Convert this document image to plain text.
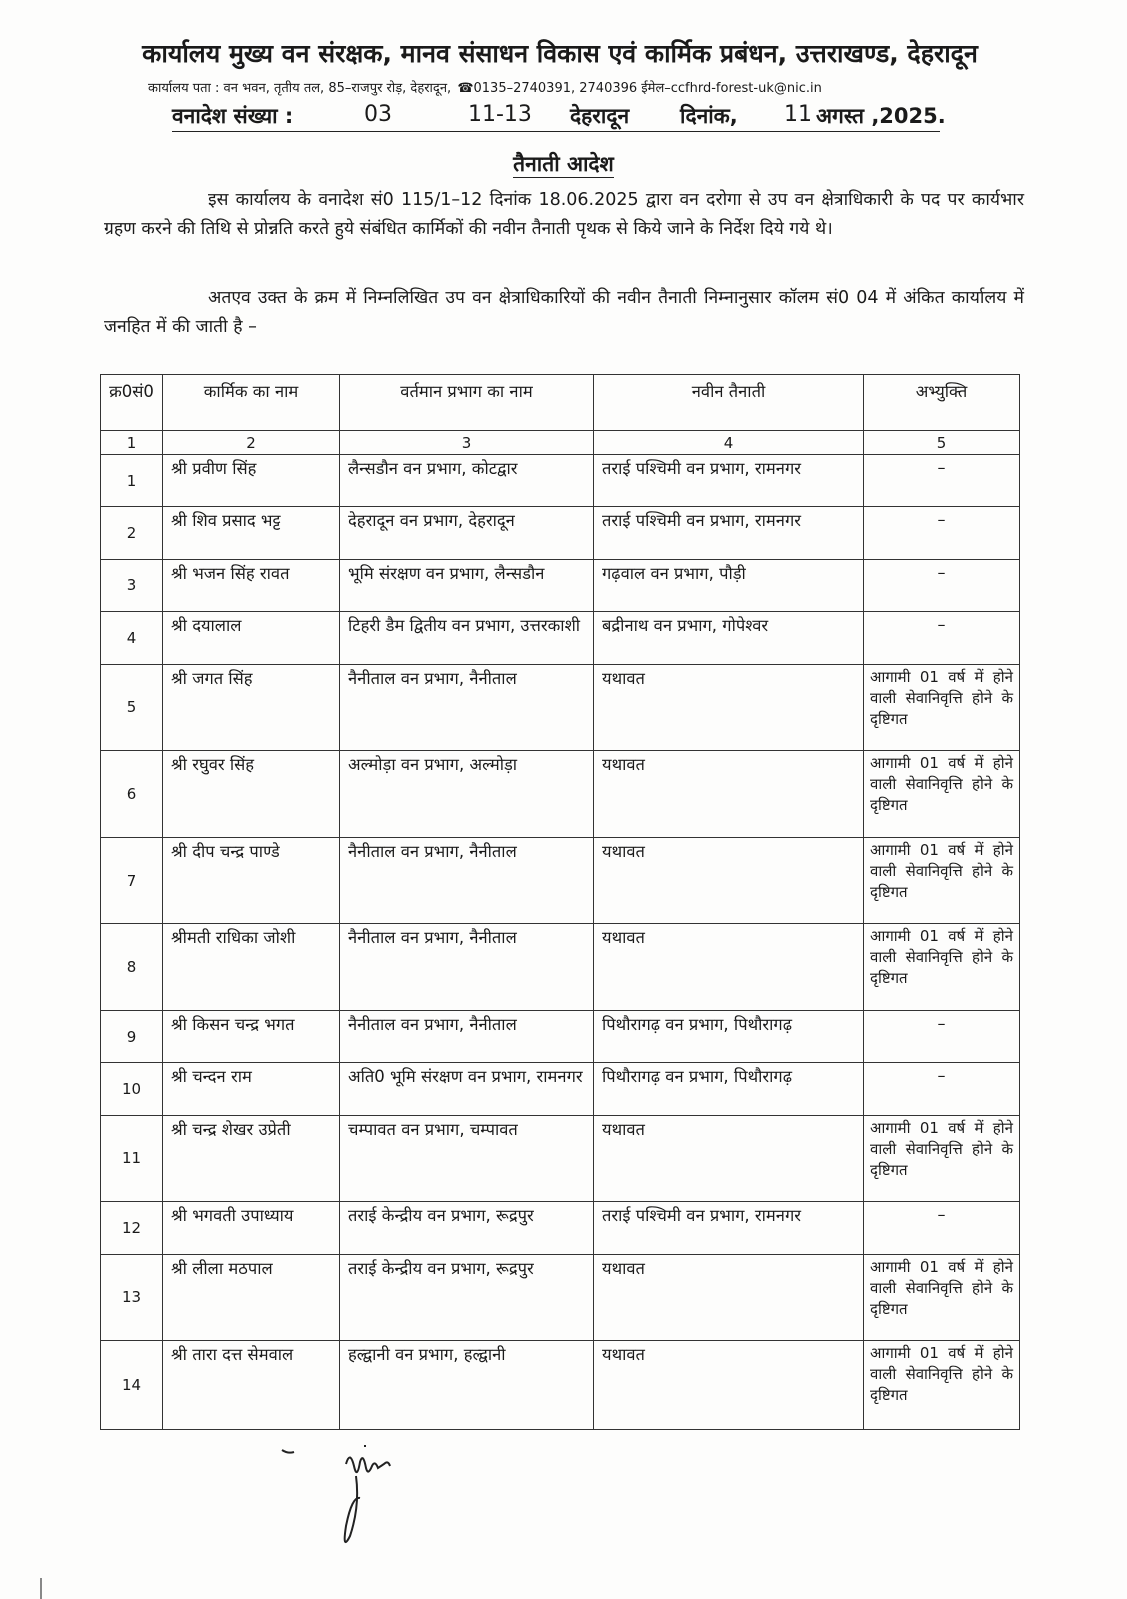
कार्यालय मुख्य वन संरक्षक, मानव संसाधन विकास एवं कार्मिक प्रबंधन, उत्तराखण्ड, देहरादून
कार्यालय पता : वन भवन, तृतीय तल, 85–राजपुर रोड़, देहरादून, ☎0135–2740391, 2740396 ईमेल–ccfhrd-forest-uk@nic.in
वनादेश संख्या :	03	11-13 देहरादून दिनांक, 11 अगस्त ,2025.
तैनाती आदेश

इस कार्यालय के वनादेश सं0 115/1–12 दिनांक 18.06.2025 द्वारा वन दरोगा से उप वन क्षेत्राधिकारी के पद पर कार्यभार ग्रहण करने की तिथि से प्रोन्नति करते हुये संबंधित कार्मिकों की नवीन तैनाती पृथक से किये जाने के निर्देश दिये गये थे।

अतएव उक्त के क्रम में निम्नलिखित उप वन क्षेत्राधिकारियों की नवीन तैनाती निम्नानुसार कॉलम सं0 04 में अंकित कार्यालय में जनहित में की जाती है –

क्र0सं0	कार्मिक का नाम	वर्तमान प्रभाग का नाम	नवीन तैनाती	अभ्युक्ति
1	2	3	4	5
1	श्री प्रवीण सिंह	लैन्सडौन वन प्रभाग, कोटद्वार	तराई पश्चिमी वन प्रभाग, रामनगर	–

2	श्री शिव प्रसाद भट्ट	देहरादून वन प्रभाग, देहरादून	तराई पश्चिमी वन प्रभाग, रामनगर	–

3	श्री भजन सिंह रावत	भूमि संरक्षण वन प्रभाग, लैन्सडौन	गढ़वाल वन प्रभाग, पौड़ी	–

4	श्री दयालाल	टिहरी डैम द्वितीय वन प्रभाग, उत्तरकाशी	बद्रीनाथ वन प्रभाग, गोपेश्वर	–

5	श्री जगत सिंह	नैनीताल वन प्रभाग, नैनीताल	यथावत	आगामी 01 वर्ष में होने वाली सेवानिवृत्ति होने के दृष्टिगत

6	श्री रघुवर सिंह	अल्मोड़ा वन प्रभाग, अल्मोड़ा	यथावत	आगामी 01 वर्ष में होने वाली सेवानिवृत्ति होने के दृष्टिगत

7	श्री दीप चन्द्र पाण्डे	नैनीताल वन प्रभाग, नैनीताल	यथावत	आगामी 01 वर्ष में होने वाली सेवानिवृत्ति होने के दृष्टिगत

8	श्रीमती राधिका जोशी	नैनीताल वन प्रभाग, नैनीताल	यथावत	आगामी 01 वर्ष में होने वाली सेवानिवृत्ति होने के दृष्टिगत

9	श्री किसन चन्द्र भगत	नैनीताल वन प्रभाग, नैनीताल	पिथौरागढ़ वन प्रभाग, पिथौरागढ़	–

10	श्री चन्दन राम	अति0 भूमि संरक्षण वन प्रभाग, रामनगर	पिथौरागढ़ वन प्रभाग, पिथौरागढ़	–

11	श्री चन्द्र शेखर उप्रेती	चम्पावत वन प्रभाग, चम्पावत	यथावत	आगामी 01 वर्ष में होने वाली सेवानिवृत्ति होने के दृष्टिगत

12	श्री भगवती उपाध्याय	तराई केन्द्रीय वन प्रभाग, रूद्रपुर	तराई पश्चिमी वन प्रभाग, रामनगर	–

13	श्री लीला मठपाल	तराई केन्द्रीय वन प्रभाग, रूद्रपुर	यथावत	आगामी 01 वर्ष में होने वाली सेवानिवृत्ति होने के दृष्टिगत

14	श्री तारा दत्त सेमवाल	हल्द्वानी वन प्रभाग, हल्द्वानी	यथावत	आगामी 01 वर्ष में होने वाली सेवानिवृत्ति होने के दृष्टिगत
